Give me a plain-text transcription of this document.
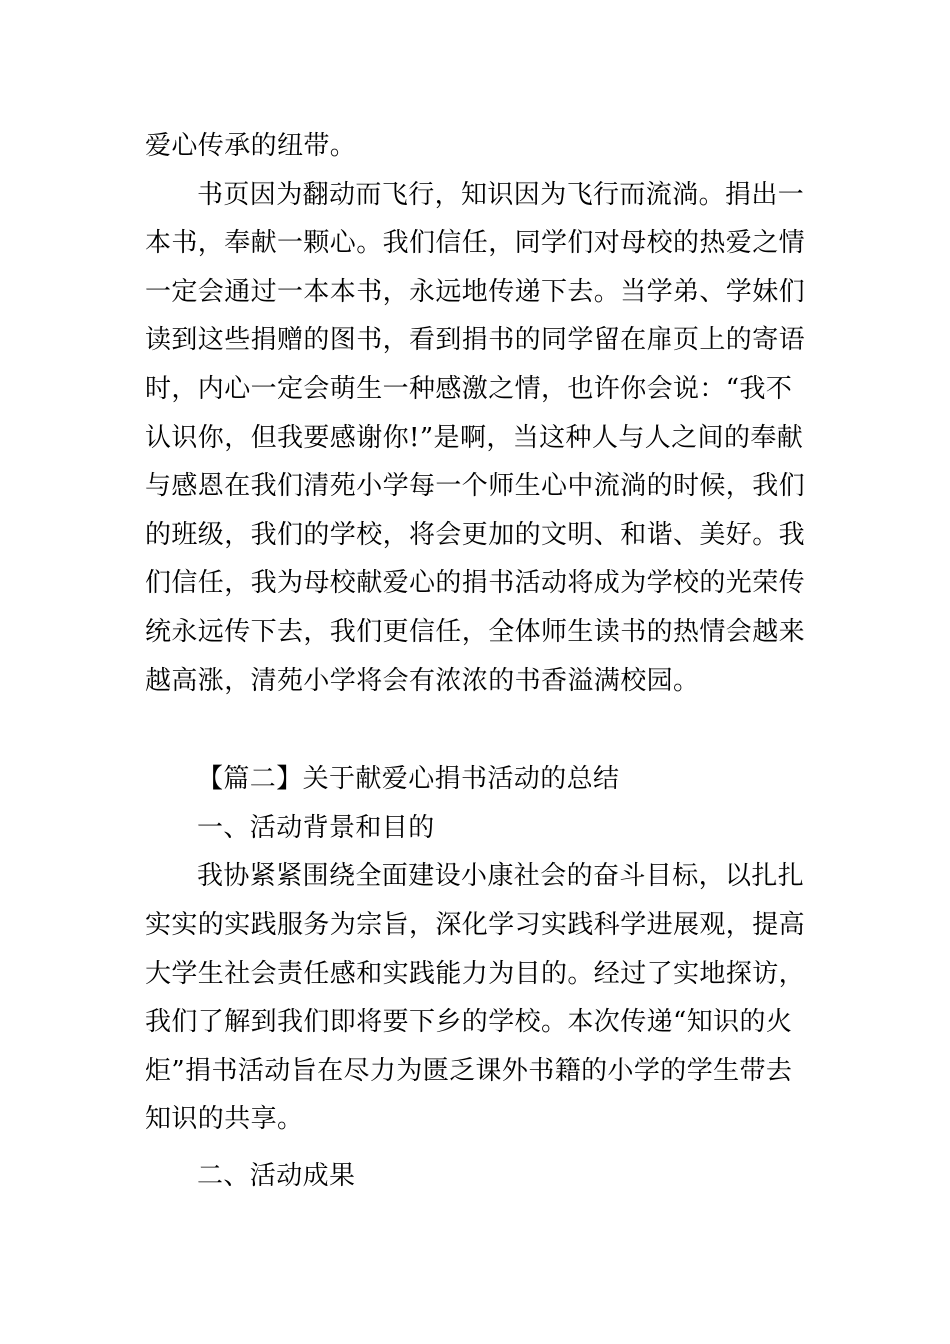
爱心传承的纽带。
书页因为翻动而飞行，知识因为飞行而流淌。捐出一
本书，奉献一颗心。我们信任，同学们对母校的热爱之情
一定会通过一本本书，永远地传递下去。当学弟、学妹们
读到这些捐赠的图书，看到捐书的同学留在扉页上的寄语
时，内心一定会萌生一种感激之情，也许你会说：“我不
认识你，但我要感谢你!”是啊，当这种人与人之间的奉献
与感恩在我们清苑小学每一个师生心中流淌的时候，我们
的班级，我们的学校，将会更加的文明、和谐、美好。我
们信任，我为母校献爱心的捐书活动将成为学校的光荣传
统永远传下去，我们更信任，全体师生读书的热情会越来
越高涨，清苑小学将会有浓浓的书香溢满校园。
【篇二】关于献爱心捐书活动的总结
一、活动背景和目的
我协紧紧围绕全面建设小康社会的奋斗目标，以扎扎
实实的实践服务为宗旨，深化学习实践科学进展观，提高
大学生社会责任感和实践能力为目的。经过了实地探访，
我们了解到我们即将要下乡的学校。本次传递“知识的火
炬”捐书活动旨在尽力为匮乏课外书籍的小学的学生带去
知识的共享。
二、活动成果
